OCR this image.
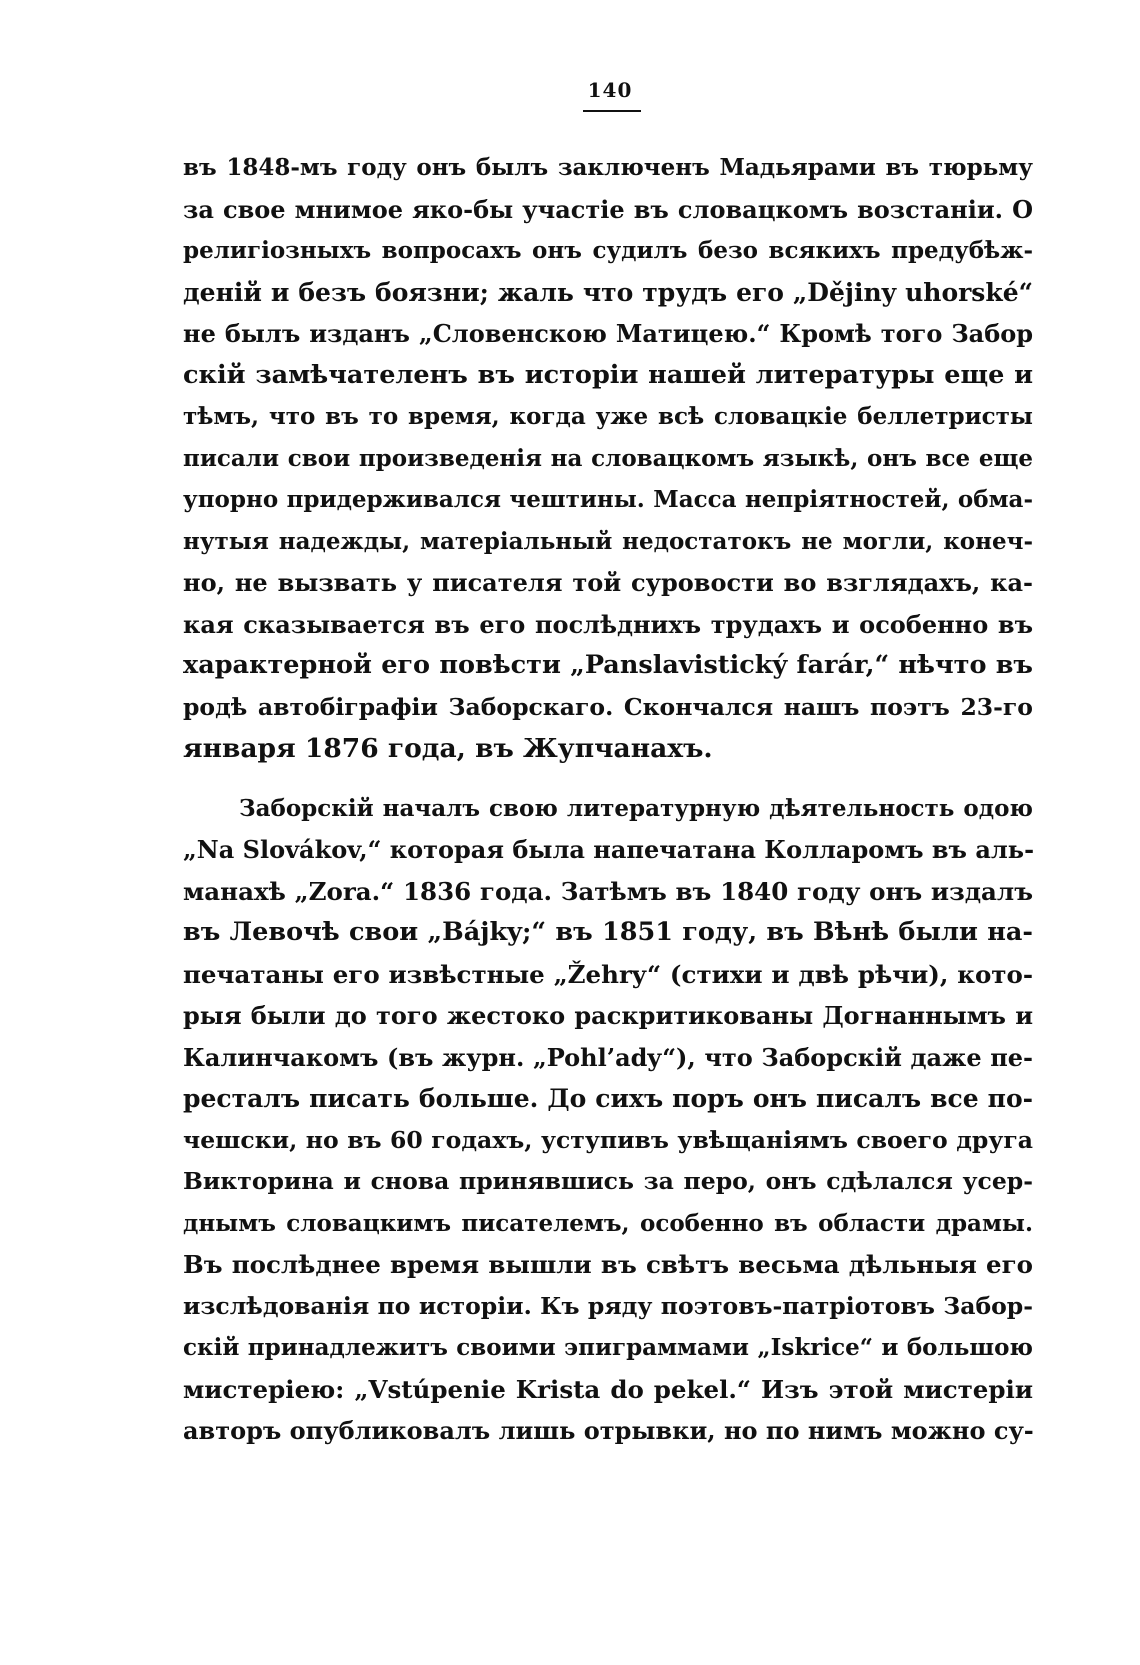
140
въ 1848-мъ году онъ былъ заключенъ Мадьярами въ тюрьму
за свое мнимое яко-бы участіе въ словацкомъ возстаніи. О
религіозныхъ вопросахъ онъ судилъ безо всякихъ предубѣж-
деній и безъ боязни; жаль что трудъ его „Dějiny uhorské“
не былъ изданъ „Словенскою Матицею.“ Кромѣ того Забор
скій замѣчателенъ въ исторіи нашей литературы еще и
тѣмъ, что въ то время, когда уже всѣ словацкіе беллетристы
писали свои произведенія на словацкомъ языкѣ, онъ все еще
упорно придерживался чештины. Масса непріятностей, обма-
нутыя надежды, матеріальный недостатокъ не могли, конеч-
но, не вызвать у писателя той суровости во взглядахъ, ка-
кая сказывается въ его послѣднихъ трудахъ и особенно въ
характерной его повѣсти „Panslavistický farár,“ нѣчто въ
родѣ автобіграфіи Заборскаго. Скончался нашъ поэтъ 23-го
января 1876 года, въ Жупчанахъ.
Заборскій началъ свою литературную дѣятельность одою
„Na Slovákov,“ которая была напечатана Колларомъ въ аль-
манахѣ „Zora.“ 1836 года. Затѣмъ въ 1840 году онъ издалъ
въ Левочѣ свои „Bájky;“ въ 1851 году, въ Вѣнѣ были на-
печатаны его извѣстные „Žehry“ (стихи и двѣ рѣчи), кото-
рыя были до того жестоко раскритикованы Догнаннымъ и
Калинчакомъ (въ журн. „Pohl’ady“), что Заборскій даже пе-
ресталъ писать больше. До сихъ поръ онъ писалъ все по-
чешски, но въ 60 годахъ, уступивъ увѣщаніямъ своего друга
Викторина и снова принявшись за перо, онъ сдѣлался усер-
днымъ словацкимъ писателемъ, особенно въ области драмы.
Въ послѣднее время вышли въ свѣтъ весьма дѣльныя его
изслѣдованія по исторіи. Къ ряду поэтовъ-патріотовъ Забор-
скій принадлежитъ своими эпиграммами „Iskrice“ и большою
мистеріею: „Vstúpenie Krista do pekel.“ Изъ этой мистеріи
авторъ опубликовалъ лишь отрывки, но по нимъ можно су-
